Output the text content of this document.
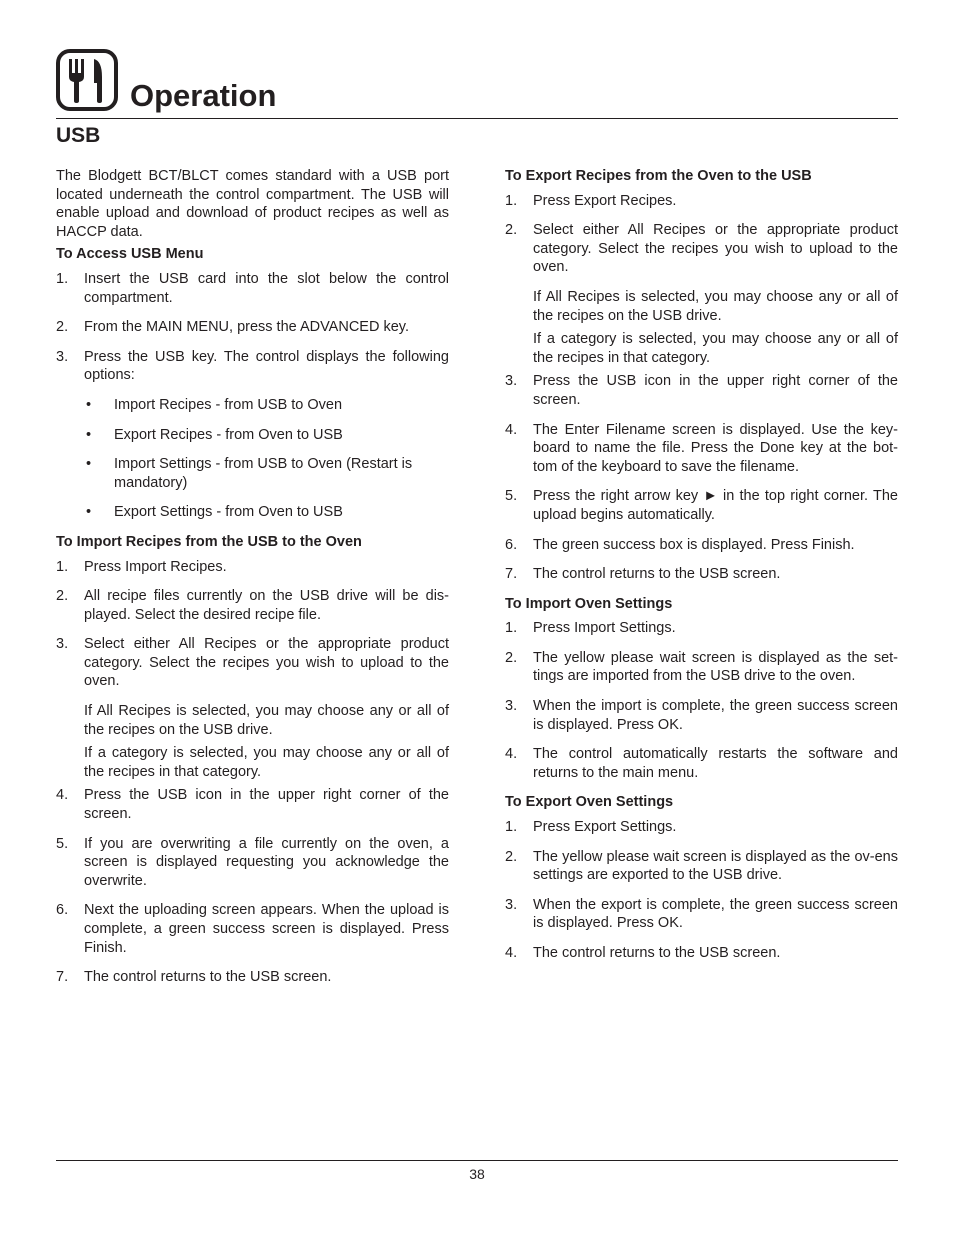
Operation
USB

The Blodgett BCT/BLCT comes standard with a USB port located underneath the control compartment. The USB will enable upload and download of product recipes as well as HACCP data.

To Access USB Menu

1. Insert the USB card into the slot below the control compartment.
2. From the MAIN MENU, press the ADVANCED key.
3. Press the USB key. The control displays the following options:
• Import Recipes - from USB to Oven
• Export Recipes - from Oven to USB
• Import Settings - from USB to Oven (Restart is mandatory)
• Export Settings - from Oven to USB

To Import Recipes from the USB to the Oven

1. Press Import Recipes.
2. All recipe files currently on the USB drive will be dis-played. Select the desired recipe file.
3. Select either All Recipes or the appropriate product category. Select the recipes you wish to upload to the oven.

If All Recipes is selected, you may choose any or all of the recipes on the USB drive.

If a category is selected, you may choose any or all of the recipes in that category.

4. Press the USB icon in the upper right corner of the screen.
5. If you are overwriting a file currently on the oven, a screen is displayed requesting you acknowledge the overwrite.
6. Next the uploading screen appears. When the upload is complete, a green success screen is displayed. Press Finish.
7. The control returns to the USB screen.

To Export Recipes from the Oven to the USB

1. Press Export Recipes.
2. Select either All Recipes or the appropriate product category. Select the recipes you wish to upload to the oven.

If All Recipes is selected, you may choose any or all of the recipes on the USB drive.

If a category is selected, you may choose any or all of the recipes in that category.

3. Press the USB icon in the upper right corner of the screen.
4. The Enter Filename screen is displayed. Use the key-board to name the file. Press the Done key at the bot-tom of the keyboard to save the filename.
5. Press the right arrow key ► in the top right corner. The upload begins automatically.
6. The green success box is displayed. Press Finish.
7. The control returns to the USB screen.

To Import Oven Settings

1. Press Import Settings.
2. The yellow please wait screen is displayed as the set-tings are imported from the USB drive to the oven.
3. When the import is complete, the green success screen is displayed. Press OK.
4. The control automatically restarts the software and returns to the main menu.

To Export Oven Settings

1. Press Export Settings.
2. The yellow please wait screen is displayed as the ov-ens settings are exported to the USB drive.
3. When the export is complete, the green success screen is displayed. Press OK.
4. The control returns to the USB screen.
38
